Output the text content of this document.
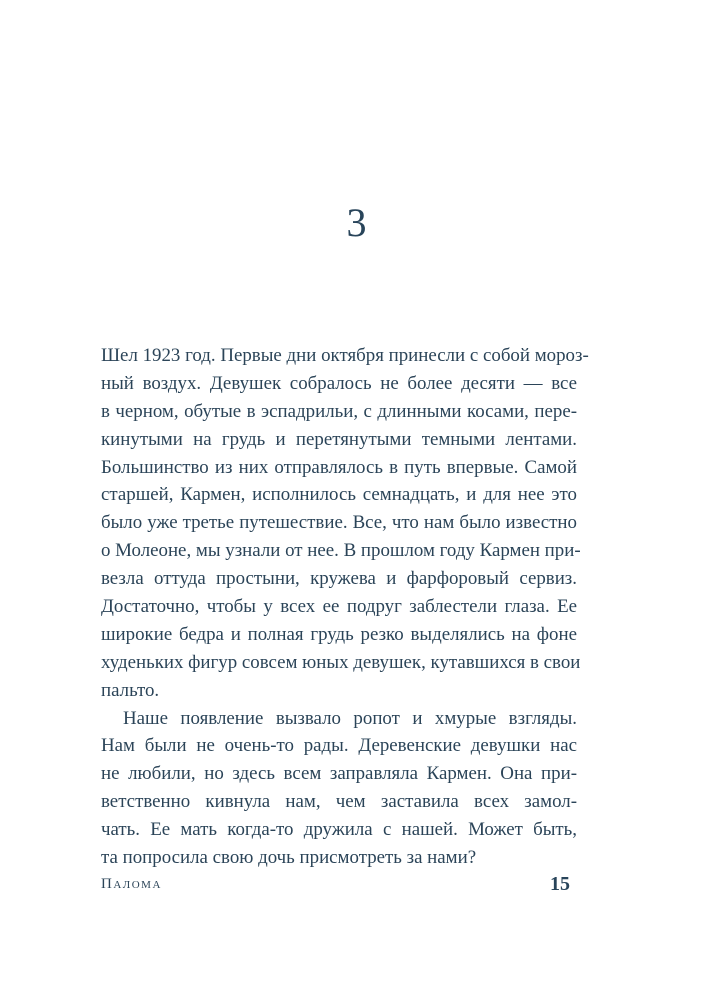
3
Шел 1923 год. Первые дни октября принесли с собой мороз-
ный воздух. Девушек собралось не более десяти — все
в черном, обутые в эспадрильи, с длинными косами, пере-
кинутыми на грудь и перетянутыми темными лентами.
Большинство из них отправлялось в путь впервые. Самой
старшей, Кармен, исполнилось семнадцать, и для нее это
было уже третье путешествие. Все, что нам было известно
о Молеоне, мы узнали от нее. В прошлом году Кармен при-
везла оттуда простыни, кружева и фарфоровый сервиз.
Достаточно, чтобы у всех ее подруг заблестели глаза. Ее
широкие бедра и полная грудь резко выделялись на фоне
худеньких фигур совсем юных девушек, кутавшихся в свои
пальто.
Наше появление вызвало ропот и хмурые взгляды.
Нам были не очень-то рады. Деревенские девушки нас
не любили, но здесь всем заправляла Кармен. Она при-
ветственно кивнула нам, чем заставила всех замол-
чать. Ее мать когда-то дружила с нашей. Может быть,
та попросила свою дочь присмотреть за нами?
Палома	15
